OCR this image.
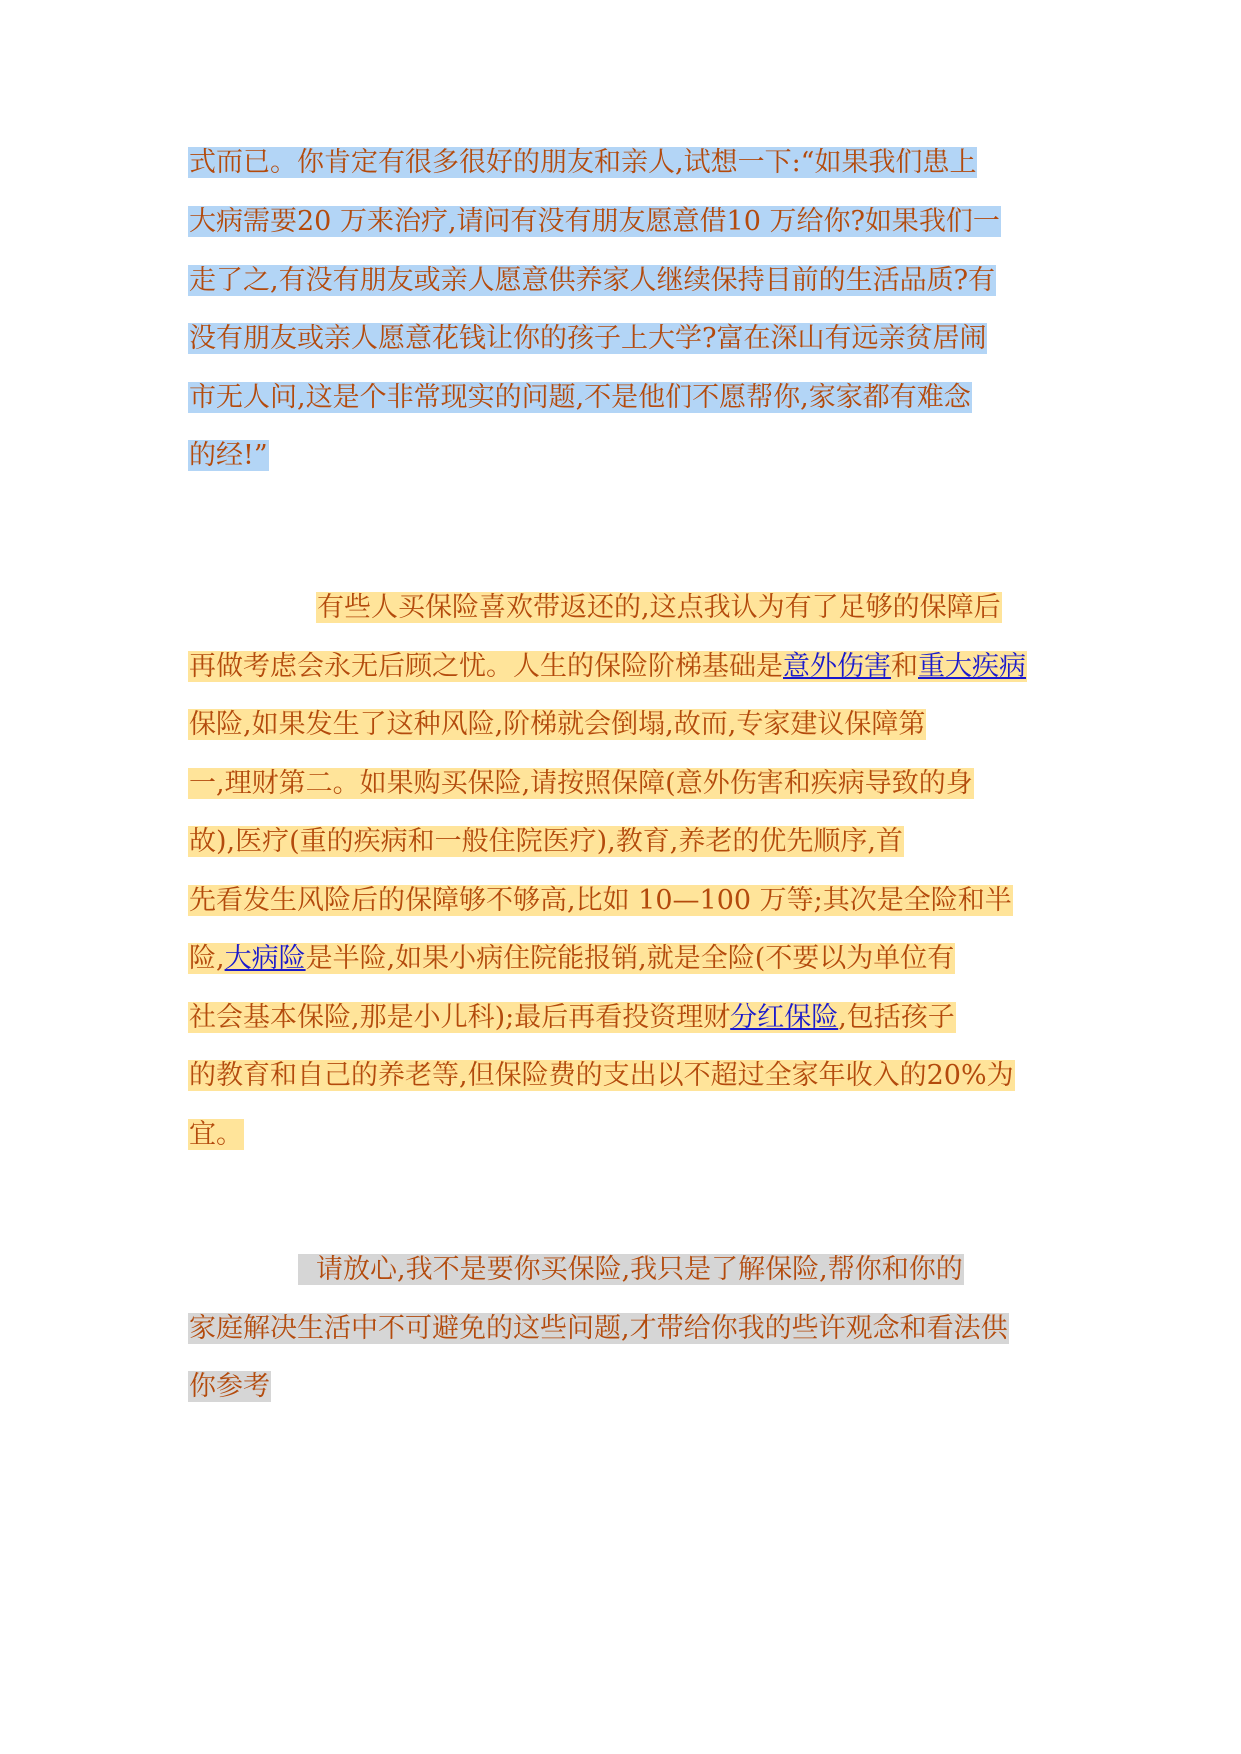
式而已。你肯定有很多很好的朋友和亲人,试想一下:“如果我们患上
大病需要20 万来治疗,请问有没有朋友愿意借10 万给你?如果我们一
走了之,有没有朋友或亲人愿意供养家人继续保持目前的生活品质?有
没有朋友或亲人愿意花钱让你的孩子上大学?富在深山有远亲贫居闹
市无人问,这是个非常现实的问题,不是他们不愿帮你,家家都有难念
的经!”
有些人买保险喜欢带返还的,这点我认为有了足够的保障后
再做考虑会永无后顾之忧。人生的保险阶梯基础是意外伤害和重大疾病
保险,如果发生了这种风险,阶梯就会倒塌,故而,专家建议保障第
一,理财第二。如果购买保险,请按照保障(意外伤害和疾病导致的身
故),医疗(重的疾病和一般住院医疗),教育,养老的优先顺序,首
先看发生风险后的保障够不够高,比如 10—100 万等;其次是全险和半
险,大病险是半险,如果小病住院能报销,就是全险(不要以为单位有
社会基本保险,那是小儿科);最后再看投资理财分红保险,包括孩子
的教育和自己的养老等,但保险费的支出以不超过全家年收入的20%为
宜。
请放心,我不是要你买保险,我只是了解保险,帮你和你的
家庭解决生活中不可避免的这些问题,才带给你我的些许观念和看法供
你参考
